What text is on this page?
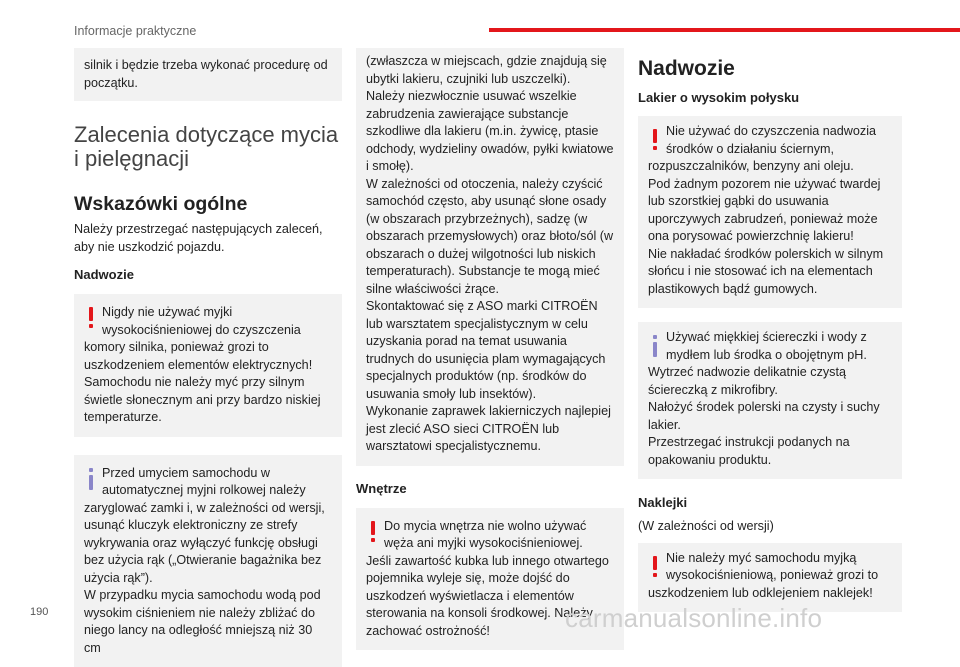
Informacje praktyczne

silnik i będzie trzeba wykonać procedurę od początku.

Zalecenia dotyczące mycia i pielęgnacji
Wskazówki ogólne

Należy przestrzegać następujących zaleceń, aby nie uszkodzić pojazdu.

Nadwozie

Nigdy nie używać myjki wysokociśnieniowej do czyszczenia

komory silnika, ponieważ grozi to uszkodzeniem elementów elektrycznych! Samochodu nie należy myć przy silnym świetle słonecznym ani przy bardzo niskiej temperaturze.

Przed umyciem samochodu w automatycznej myjni rolkowej należy

zaryglować zamki i, w zależności od wersji, usunąć kluczyk elektroniczny ze strefy wykrywania oraz wyłączyć funkcję obsługi bez użycia rąk („Otwieranie bagażnika bez użycia rąk”).

W przypadku mycia samochodu wodą pod wysokim ciśnieniem nie należy zbliżać do niego lancy na odległość mniejszą niż 30 cm

(zwłaszcza w miejscach, gdzie znajdują się ubytki lakieru, czujniki lub uszczelki).

Należy niezwłocznie usuwać wszelkie zabrudzenia zawierające substancje szkodliwe dla lakieru (m.in. żywicę, ptasie odchody, wydzieliny owadów, pyłki kwiatowe i smołę).

W zależności od otoczenia, należy czyścić samochód często, aby usunąć słone osady (w obszarach przybrzeżnych), sadzę (w obszarach przemysłowych) oraz błoto/sól (w obszarach o dużej wilgotności lub niskich temperaturach). Substancje te mogą mieć silne właściwości żrące.

Skontaktować się z ASO marki CITROËN lub warsztatem specjalistycznym w celu uzyskania porad na temat usuwania trudnych do usunięcia plam wymagających specjalnych produktów (np. środków do usuwania smoły lub insektów).

Wykonanie zaprawek lakierniczych najlepiej jest zlecić ASO sieci CITROËN lub warsztatowi specjalistycznemu.

Wnętrze

Do mycia wnętrza nie wolno używać węża ani myjki wysokociśnieniowej.

Jeśli zawartość kubka lub innego otwartego pojemnika wyleje się, może dojść do uszkodzeń wyświetlacza i elementów sterowania na konsoli środkowej. Należy zachować ostrożność!

Nadwozie
Lakier o wysokim połysku

Nie używać do czyszczenia nadwozia środków o działaniu ściernym,

rozpuszczalników, benzyny ani oleju.

Pod żadnym pozorem nie używać twardej lub szorstkiej gąbki do usuwania uporczywych zabrudzeń, ponieważ może ona porysować powierzchnię lakieru!

Nie nakładać środków polerskich w silnym słońcu i nie stosować ich na elementach plastikowych bądź gumowych.

Używać miękkiej ściereczki i wody z mydłem lub środka o obojętnym pH.

Wytrzeć nadwozie delikatnie czystą ściereczką z mikrofibry.

Nałożyć środek polerski na czysty i suchy lakier.

Przestrzegać instrukcji podanych na opakowaniu produktu.

Naklejki

(W zależności od wersji)

Nie należy myć samochodu myjką wysokociśnieniową, ponieważ grozi to

uszkodzeniem lub odklejeniem naklejek!

190	carmanualsonline.info
